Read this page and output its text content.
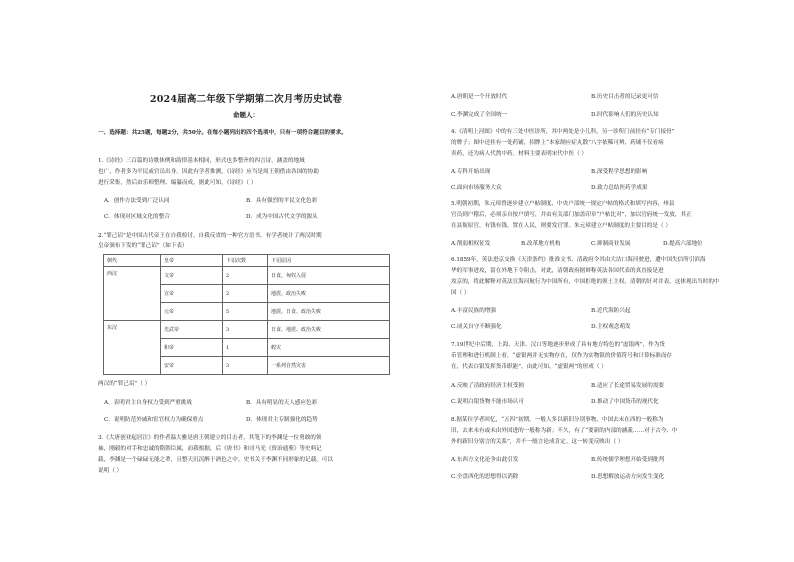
2024届高二年级下学期第二次月考历史试卷
命题人：
一、选择题：共25题，每题2分，共50分。在每小题列出的四个选项中，只有一项符合题目的要求。
1.《诗经》三百篇的诗歌体例和韵律基本相同，形式也多整齐的四言诗，涵盖的地域
也广，作者多为平民或官员出身。因此有学者推测，《诗经》应当是周王朝借由各国的协助
进行采集，然后由乐师整理、编纂而成。据此可知，《诗经》（ ）
A．创作方法受到广泛认同	B．具有强烈的平民文化色彩
C．体现对区域文化的整合	D．成为中国古代文学的源头
2.“罪己诏”是中国古代帝王在自我检讨、自我反省的一种官方语书。有学者统计了两汉时期
皇帝颁布下发的“罪己诏”（如下表）
朝代	皇帝	下诏次数	下诏原因
西汉	文帝	2	日食，匈奴入侵
	宣帝	2	地震、政治失败
	元帝	5	地震、日食、政治失败
东汉	光武帝	3	日食、地震、政治失败
	和帝	1	蝗灾
	安帝	3	一系列自然灾害
两汉的“罪己诏”（ ）
A．表明君主自身权力受到严重挑战	B．具有明显的天人感应色彩
C．说明防范外戚和宦官权力为确保重点	D．体现君主专制强化的趋势
3.《大唐创业起居注》的作者温大雅是唐王朝建立的目击者，其笔下的李渊是一位勇敢的领
袖，刚毅的对手和忠诚的隋朝臣属，而我根据，后《唐书》和司马光《资治通鉴》等史料记
载，李渊是一个碌碌无能之辈，且整天沉沉醉于酒色之中。史书关于李渊不同形象的记载，可以
说明（ ）
A.唐朝是一个开放时代	B.历史目击者的记录更可信
C.李渊完成了全国统一	D.时代影响人们的历史认知
4.《清明上河图》中的有三处中医诊所，其中两处是小儿科，另一诊所门前挂有“专门接骨”
的牌子；图中还挂有一处药铺，招牌上“本家制应症丸散”八字依稀可辨，药铺不仅看病
卖药，还为病人代熬中药。材料主要表明宋代中医（ ）
A.专科开始出现	B.深受程学思想的影响
C.面向市场服务大众	D.致力总结医药学成果
5.明朝初期，朱元璋曾逐步建立户帖制度，中央户部统一规定户帖的格式和填写内容，州县
官员到户稽后，必须亲自按户填写，并由有关部门加盖印章“户帖比对”，加以官府统一发放，其正
在县衙原官，有钱有钱，置在人民，则要发官罪。朱元璋建立户帖制度的主要目的是（ ）
A.削弱相权征发	B.改革地方机构	C.抑制商业发展	D.提高六部地位
6.1859年，英法进京交换《天津条约》批准文书，清政府令其由大沽口海河驶进，遭中国失信所引滨海
华的军事进攻，留在外地下令阻击，对此，清朝政府据辩称英法各国代表的真直接是进
攻京的，将此解释对英法宣海河航行为中国所有，中国拒绝的领土主权。清朝的针对并表，这体现出当时的中
国（ ）
A.丰富民族的增强	B.近代海防兴起
C.闭关自守不断强化	D.主权观念萌发
7.19世纪中后期，上海、天津、汉口等地逐步形成了具有地方特色的“虚银两”，作为货
币管理和进行机制上看，“虚银两并无实物存在，仅作为实物银的价值符号和计算标准而存
在，代表白银发挥货币职能”。由此可知，“虚银两”的形成（ ）
A.反映了清政府经济主权受损	B.适应了长途贸易发展的需要
C.说明白银货物不能市场认可	D.推动了中国货币的现代化
8.据某位学者回忆，“五四”初期，一般人多以新旧分别事物，中国去末在西的一般称为
旧，去来未有或未由外国进的一般称为新；不久，有了“要新的内部的涵義……对于古今、中
外的新旧分别言的关系”，并不一般言论成肯定。这一转变反映出（ ）
A.东西方文化论争由此引发	B.传统儒学理想开始受到批判
C.全盘西化的思想得以消除	D.思想解放运动方向发生变化
